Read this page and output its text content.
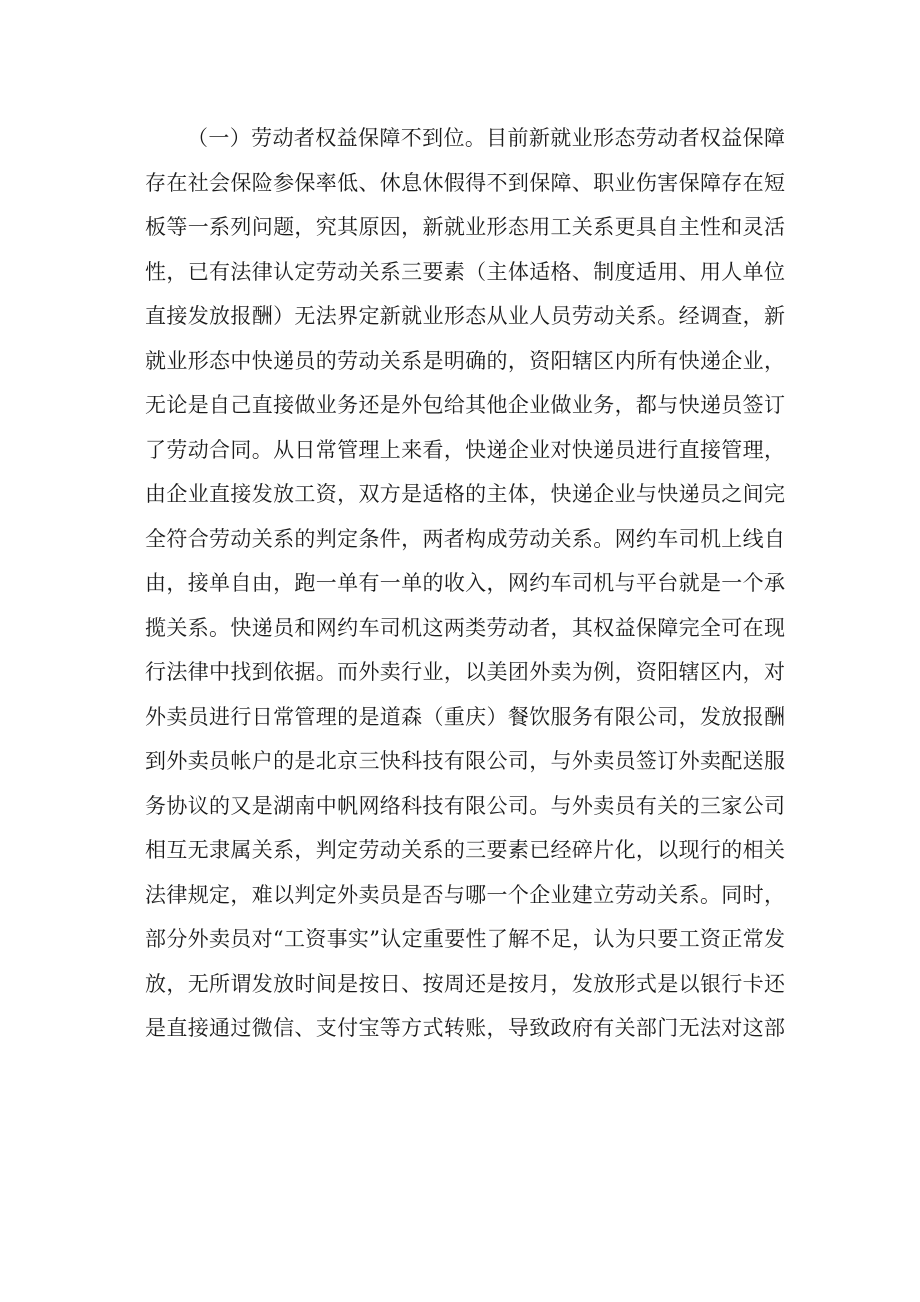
（一）劳动者权益保障不到位。目前新就业形态劳动者权益保障
存在社会保险参保率低、休息休假得不到保障、职业伤害保障存在短
板等一系列问题，究其原因，新就业形态用工关系更具自主性和灵活
性，已有法律认定劳动关系三要素（主体适格、制度适用、用人单位
直接发放报酬）无法界定新就业形态从业人员劳动关系。经调查，新
就业形态中快递员的劳动关系是明确的，资阳辖区内所有快递企业，
无论是自己直接做业务还是外包给其他企业做业务，都与快递员签订
了劳动合同。从日常管理上来看，快递企业对快递员进行直接管理，
由企业直接发放工资，双方是适格的主体，快递企业与快递员之间完
全符合劳动关系的判定条件，两者构成劳动关系。网约车司机上线自
由，接单自由，跑一单有一单的收入，网约车司机与平台就是一个承
揽关系。快递员和网约车司机这两类劳动者，其权益保障完全可在现
行法律中找到依据。而外卖行业，以美团外卖为例，资阳辖区内，对
外卖员进行日常管理的是道森（重庆）餐饮服务有限公司，发放报酬
到外卖员帐户的是北京三快科技有限公司，与外卖员签订外卖配送服
务协议的又是湖南中帆网络科技有限公司。与外卖员有关的三家公司
相互无隶属关系，判定劳动关系的三要素已经碎片化，以现行的相关
法律规定，难以判定外卖员是否与哪一个企业建立劳动关系。同时，
部分外卖员对“工资事实”认定重要性了解不足，认为只要工资正常发
放，无所谓发放时间是按日、按周还是按月，发放形式是以银行卡还
是直接通过微信、支付宝等方式转账，导致政府有关部门无法对这部
